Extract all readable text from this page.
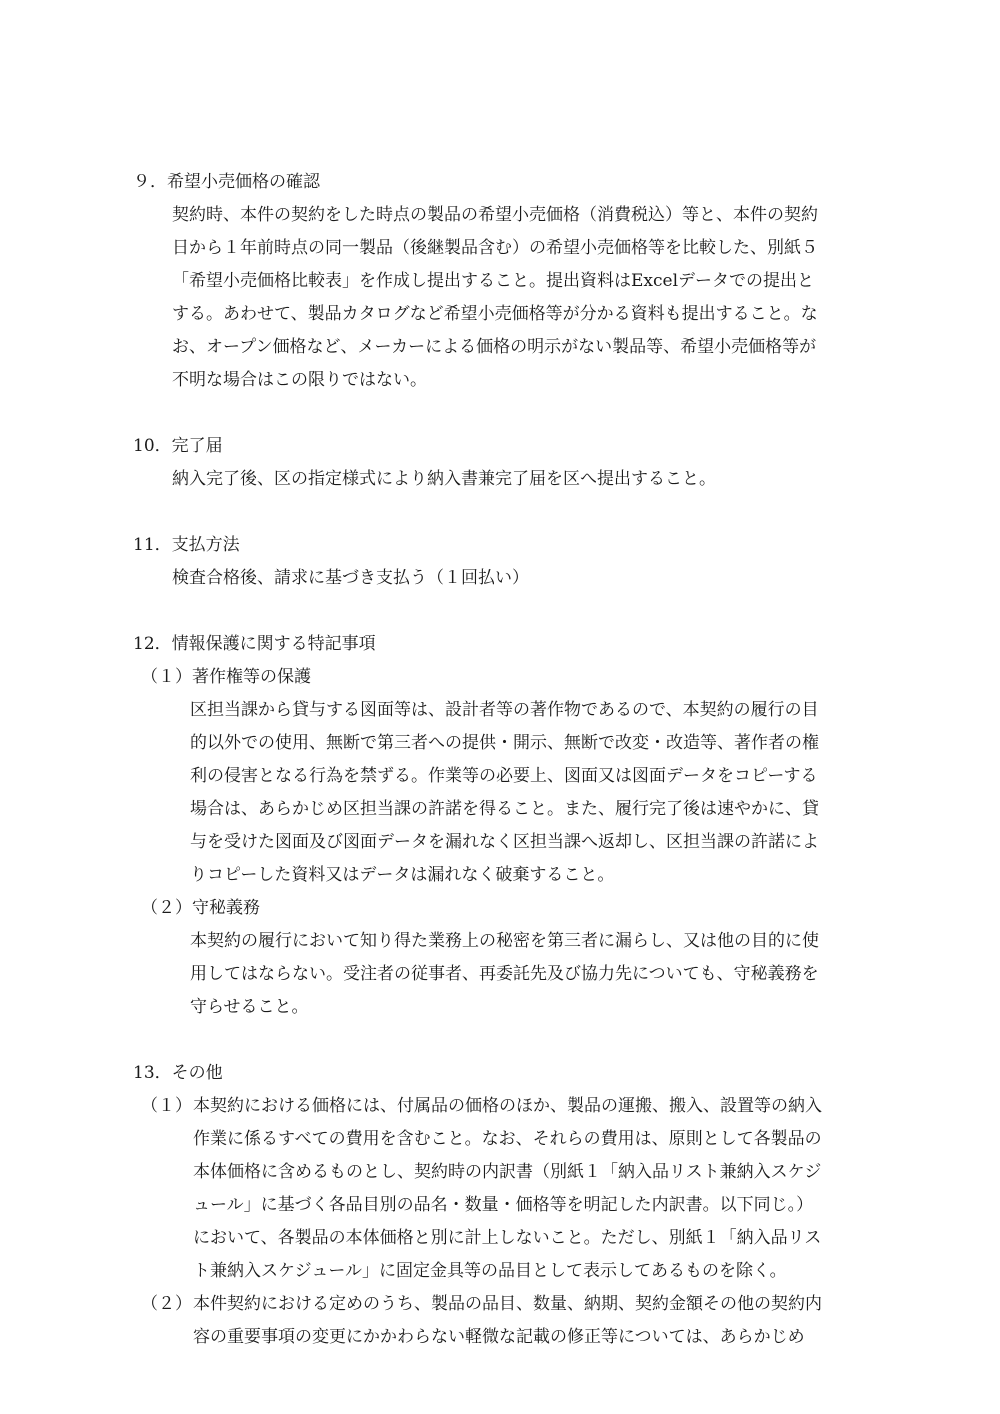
９．希望小売価格の確認
契約時、本件の契約をした時点の製品の希望小売価格（消費税込）等と、本件の契約
日から１年前時点の同一製品（後継製品含む）の希望小売価格等を比較した、別紙５
「希望小売価格比較表」を作成し提出すること。提出資料はExcelデータでの提出と
する。あわせて、製品カタログなど希望小売価格等が分かる資料も提出すること。な
お、オープン価格など、メーカーによる価格の明示がない製品等、希望小売価格等が
不明な場合はこの限りではない。
10．完了届
納入完了後、区の指定様式により納入書兼完了届を区へ提出すること。
11．支払方法
検査合格後、請求に基づき支払う（１回払い）
12．情報保護に関する特記事項
（１）著作権等の保護
区担当課から貸与する図面等は、設計者等の著作物であるので、本契約の履行の目
的以外での使用、無断で第三者への提供・開示、無断で改変・改造等、著作者の権
利の侵害となる行為を禁ずる。作業等の必要上、図面又は図面データをコピーする
場合は、あらかじめ区担当課の許諾を得ること。また、履行完了後は速やかに、貸
与を受けた図面及び図面データを漏れなく区担当課へ返却し、区担当課の許諾によ
りコピーした資料又はデータは漏れなく破棄すること。
（２）守秘義務
本契約の履行において知り得た業務上の秘密を第三者に漏らし、又は他の目的に使
用してはならない。受注者の従事者、再委託先及び協力先についても、守秘義務を
守らせること。
13．その他
（１） 本契約における価格には、付属品の価格のほか、製品の運搬、搬入、設置等の納入
作業に係るすべての費用を含むこと。なお、それらの費用は、原則として各製品の
本体価格に含めるものとし、契約時の内訳書（別紙１「納入品リスト兼納入スケジ
ュール」に基づく各品目別の品名・数量・価格等を明記した内訳書。以下同じ。）
において、各製品の本体価格と別に計上しないこと。ただし、別紙１「納入品リス
ト兼納入スケジュール」に固定金具等の品目として表示してあるものを除く。
（２） 本件契約における定めのうち、製品の品目、数量、納期、契約金額その他の契約内
容の重要事項の変更にかかわらない軽微な記載の修正等については、あらかじめ
